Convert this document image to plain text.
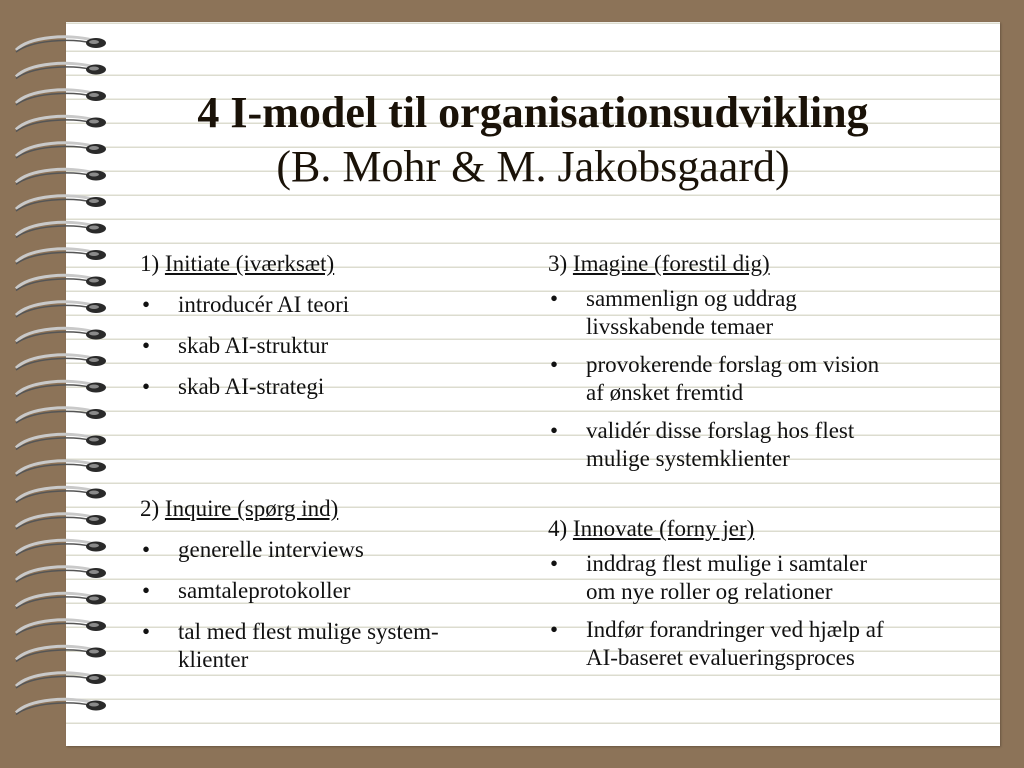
4 I-model til organisationsudvikling
(B. Mohr & M. Jakobsgaard)
1) Initiate (iværksæt)
• introducér AI teori
• skab AI-struktur
• skab AI-strategi
2) Inquire (spørg ind)
• generelle interviews
• samtaleprotokoller
• tal med flest mulige system-
klienter
3) Imagine (forestil dig)
• sammenlign og uddrag
livsskabende temaer
• provokerende forslag om vision
af ønsket fremtid
• validér disse forslag hos flest
mulige systemklienter
4) Innovate (forny jer)
• inddrag flest mulige i samtaler
om nye roller og relationer
• Indfør forandringer ved hjælp af
AI-baseret evalueringsproces
